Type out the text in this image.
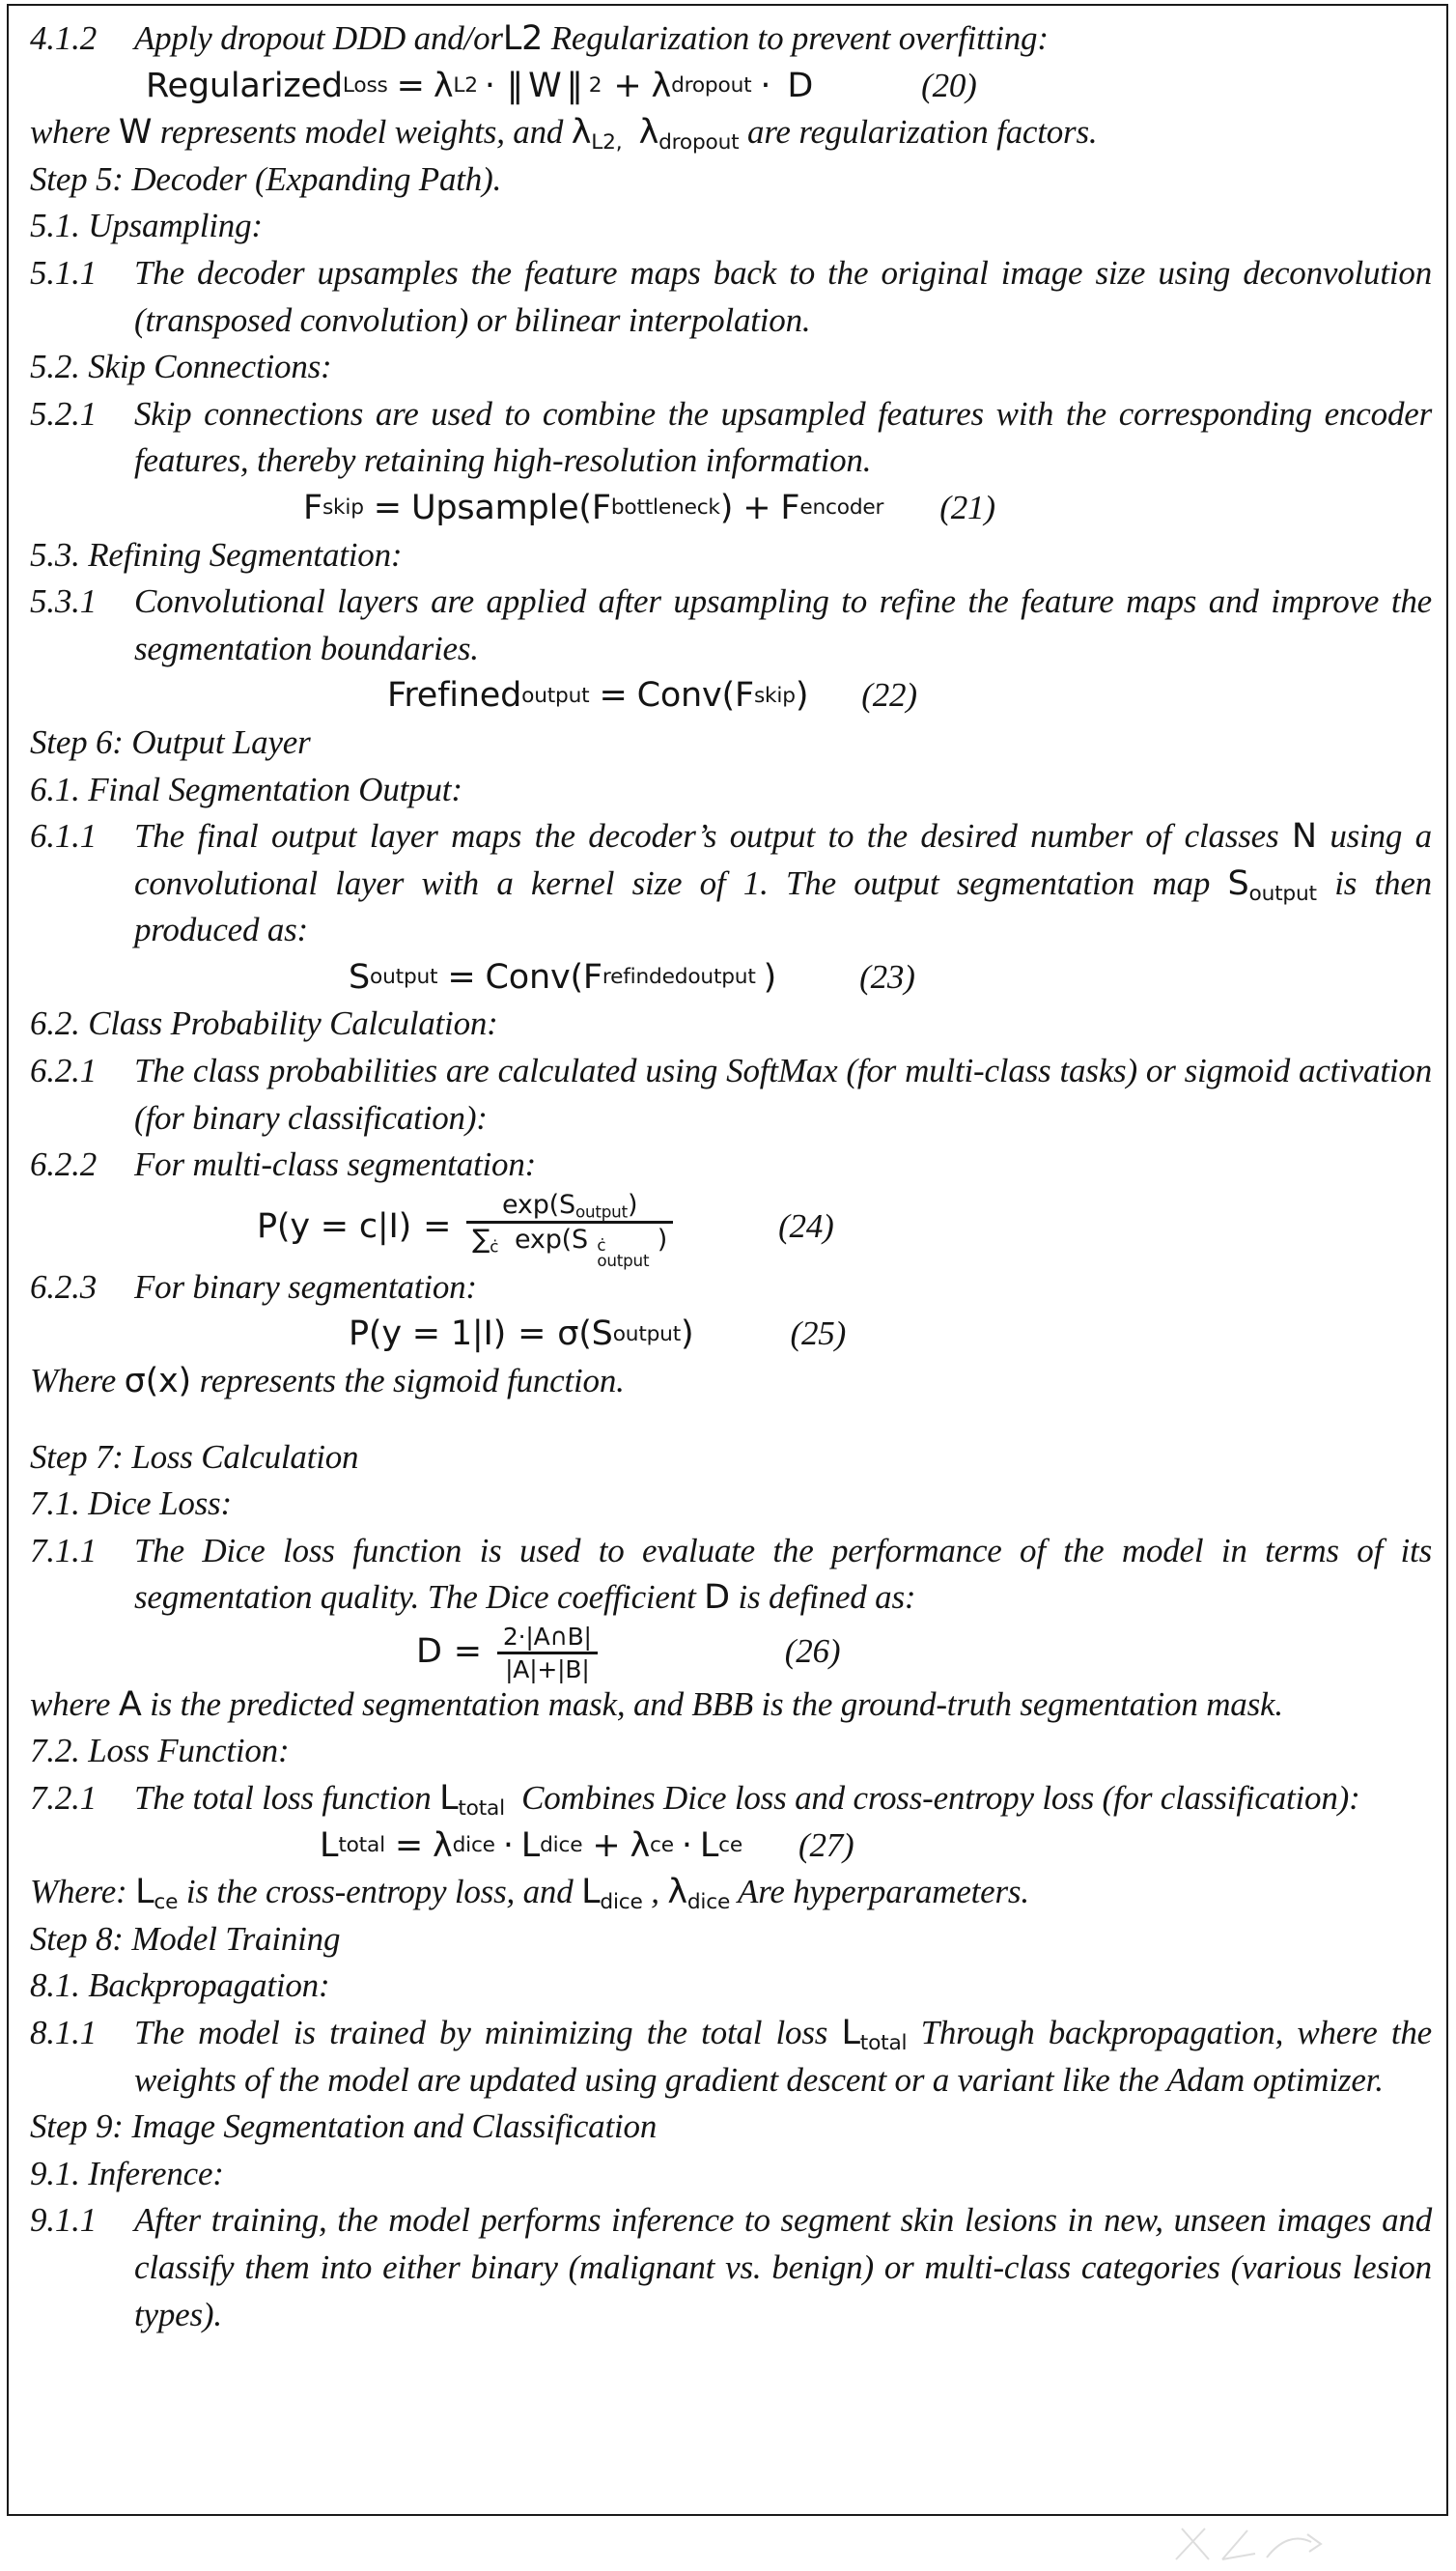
4.1.2	Apply dropout DDD and/orL2 Regularization to prevent overfitting:
Regularized Loss = λ L2 · ‖ W ‖ 2 + λ dropout · D	(20)
where W represents model weights, and $\lambda_{L2,}$ $\lambda_{dropout}$ are regularization factors.
Step 5: Decoder (Expanding Path).
5.1. Upsampling:
5.1.1	The decoder upsamples the feature maps back to the original image size using deconvolution (transposed convolution) or bilinear interpolation.
5.2. Skip Connections:
5.2.1	Skip connections are used to combine the upsampled features with the corresponding encoder features, thereby retaining high-resolution information.
F skip = Upsample(F bottleneck ) + F encoder	(21)
5.3. Refining Segmentation:
5.3.1	Convolutional layers are applied after upsampling to refine the feature maps and improve the segmentation boundaries.
Frefined output = Conv(F skip )	(22)
Step 6: Output Layer
6.1. Final Segmentation Output:
6.1.1	The final output layer maps the decoder’s output to the desired number of classes N using a convolutional layer with a kernel size of 1. The output segmentation map $S_{output}$ is then produced as:
S output = Conv(F refindedoutput )	(23)
6.2. Class Probability Calculation:
6.2.1	The class probabilities are calculated using SoftMax (for multi-class tasks) or sigmoid activation (for binary classification):
6.2.2	For multi-class segmentation:
$P(y = c|I) = \exp(S_{output})$
$\sum_ċ$ exp(S ċ
output
)	(24)
6.2.3	For binary segmentation:
P(y = 1|I) = σ(S output )	(25)
Where σ(x) represents the sigmoid function.
Step 7: Loss Calculation
7.1. Dice Loss:
7.1.1	The Dice loss function is used to evaluate the performance of the model in terms of its segmentation quality. The Dice coefficient D is defined as:
$D = \frac{2\cdot|A\cap B|}{|A|+|B|}$	(26)
where A is the predicted segmentation mask, and BBB is the ground-truth segmentation mask.
7.2. Loss Function:
7.2.1	The total loss function $L_{total}$ Combines Dice loss and cross-entropy loss (for classification):
L total = λ dice · L dice + λ ce · L ce	(27)
Where: $L_{ce}$ is the cross-entropy loss, and $L_{dice}$ , $\lambda_{dice}$ Are hyperparameters.
Step 8: Model Training
8.1. Backpropagation:
8.1.1	The model is trained by minimizing the total loss $L_{total}$ Through backpropagation, where the weights of the model are updated using gradient descent or a variant like the Adam optimizer.
Step 9: Image Segmentation and Classification
9.1. Inference:
9.1.1	After training, the model performs inference to segment skin lesions in new, unseen images and classify them into either binary (malignant vs. benign) or multi-class categories (various lesion types).
